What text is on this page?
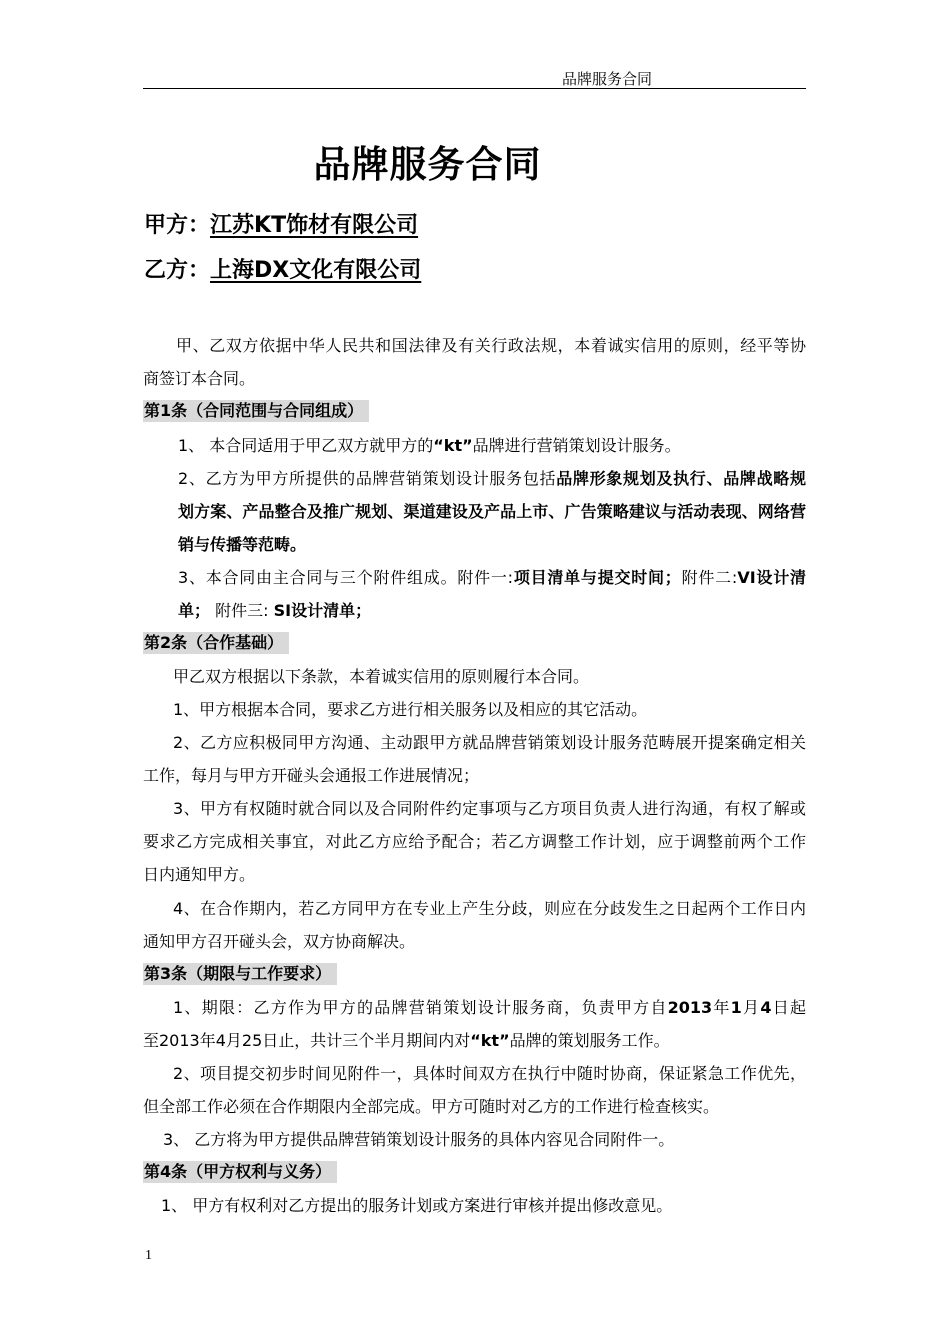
品牌服务合同
品牌服务合同
甲方：江苏KT饰材有限公司
乙方：上海DX文化有限公司
甲、乙双方依据中华人民共和国法律及有关行政法规，本着诚实信用的原则，经平等协
商签订本合同。
第1条（合同范围与合同组成）
1、 本合同适用于甲乙双方就甲方的“kt”品牌进行营销策划设计服务。
2、乙方为甲方所提供的品牌营销策划设计服务包括品牌形象规划及执行、品牌战略规
划方案、产品整合及推广规划、渠道建设及产品上市、广告策略建议与活动表现、网络营
销与传播等范畴。
3、本合同由主合同与三个附件组成。附件一:项目清单与提交时间；附件二:VI设计清
单； 附件三: SI设计清单；
第2条（合作基础）
甲乙双方根据以下条款，本着诚实信用的原则履行本合同。
1、甲方根据本合同，要求乙方进行相关服务以及相应的其它活动。
2、乙方应积极同甲方沟通、主动跟甲方就品牌营销策划设计服务范畴展开提案确定相关
工作，每月与甲方开碰头会通报工作进展情况；
3、甲方有权随时就合同以及合同附件约定事项与乙方项目负责人进行沟通，有权了解或
要求乙方完成相关事宜，对此乙方应给予配合；若乙方调整工作计划，应于调整前两个工作
日内通知甲方。
4、在合作期内，若乙方同甲方在专业上产生分歧，则应在分歧发生之日起两个工作日内
通知甲方召开碰头会，双方协商解决。
第3条（期限与工作要求）
1、期限：乙方作为甲方的品牌营销策划设计服务商，负责甲方自2013年1月4日起
至2013年4月25日止，共计三个半月期间内对“kt”品牌的策划服务工作。
2、项目提交初步时间见附件一，具体时间双方在执行中随时协商，保证紧急工作优先，
但全部工作必须在合作期限内全部完成。甲方可随时对乙方的工作进行检查核实。
3、 乙方将为甲方提供品牌营销策划设计服务的具体内容见合同附件一。
第4条（甲方权利与义务）
1、 甲方有权利对乙方提出的服务计划或方案进行审核并提出修改意见。
1
